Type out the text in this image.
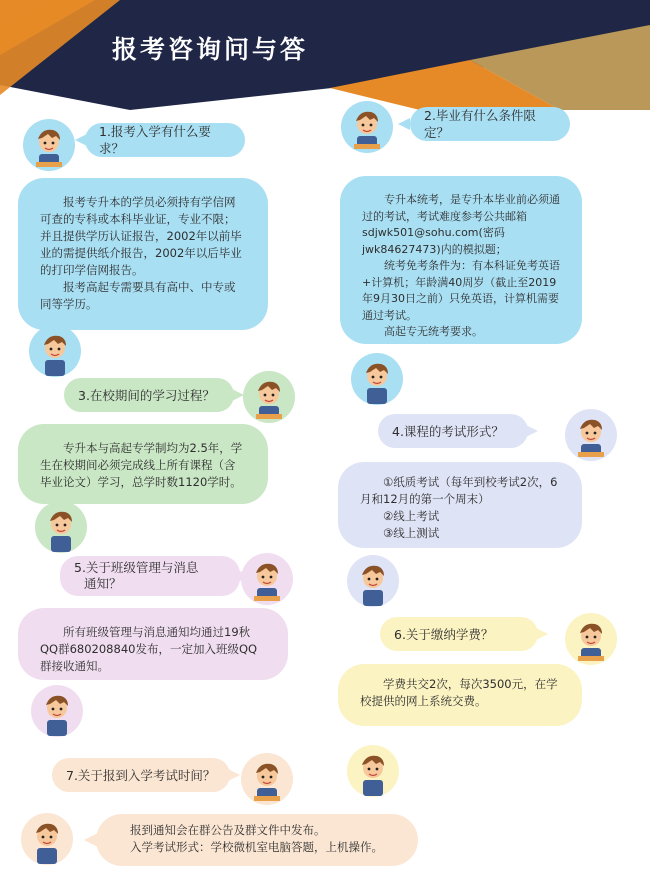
报考咨询问与答
1.报考入学有什么要求？

报考专升本的学员必须持有学信网可查的专科或本科毕业证，专业不限；并且提供学历认证报告，2002年以前毕业的需提供纸介报告，2002年以后毕业的打印学信网报告。

报考高起专需要具有高中、中专或同等学历。

2.毕业有什么条件限定？

专升本统考，是专升本毕业前必须通过的考试，考试难度参考公共邮箱sdjwk501@sohu.com(密码jwk84627473)内的模拟题；

统考免考条件为：有本科证免考英语+计算机；年龄满40周岁（截止至2019年9月30日之前）只免英语，计算机需要通过考试。

高起专无统考要求。

3.在校期间的学习过程？

专升本与高起专学制均为2.5年，学生在校期间必须完成线上所有课程（含毕业论文）学习，总学时数1120学时。

4.课程的考试形式？

①纸质考试（每年到校考试2次，6月和12月的第一个周末）

②线上考试

③线上测试

5.关于班级管理与消息
通知？

所有班级管理与消息通知均通过19秋QQ群680208840发布，一定加入班级QQ群接收通知。

6.关于缴纳学费？

学费共交2次，每次3500元，在学校提供的网上系统交费。

7.关于报到入学考试时间？

报到通知会在群公告及群文件中发布。

入学考试形式：学校微机室电脑答题，上机操作。
